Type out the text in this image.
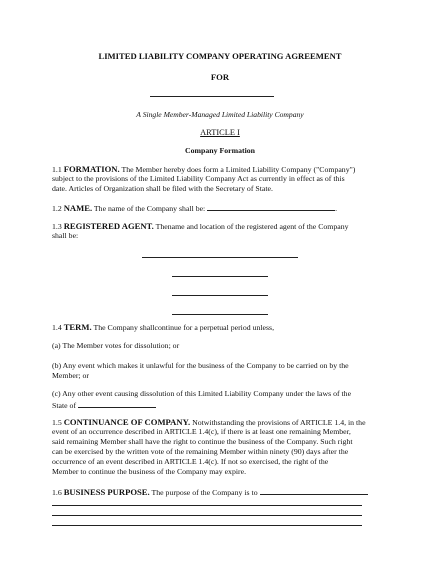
LIMITED LIABILITY COMPANY OPERATING AGREEMENT
FOR
A Single Member-Managed Limited Liability Company
ARTICLE I
Company Formation
1.1 FORMATION. The Member hereby does form a Limited Liability Company ("Company")
subject to the provisions of the Limited Liability Company Act as currently in effect as of this
date. Articles of Organization shall be filed with the Secretary of State.
1.2 NAME. The name of the Company shall be:	.
1.3 REGISTERED AGENT. Thename and location of the registered agent of the Company
shall be:
1.4 TERM. The Company shallcontinue for a perpetual period unless,
(a) The Member votes for dissolution; or
(b) Any event which makes it unlawful for the business of the Company to be carried on by the
Member; or
(c) Any other event causing dissolution of this Limited Liability Company under the laws of the
State of
1.5 CONTINUANCE OF COMPANY. Notwithstanding the provisions of ARTICLE 1.4, in the
event of an occurrence described in ARTICLE 1.4(c), if there is at least one remaining Member,
said remaining Member shall have the right to continue the business of the Company. Such right
can be exercised by the written vote of the remaining Member within ninety (90) days after the
occurrence of an event described in ARTICLE 1.4(c). If not so exercised, the right of the
Member to continue the business of the Company may expire.
1.6 BUSINESS PURPOSE. The purpose of the Company is to
